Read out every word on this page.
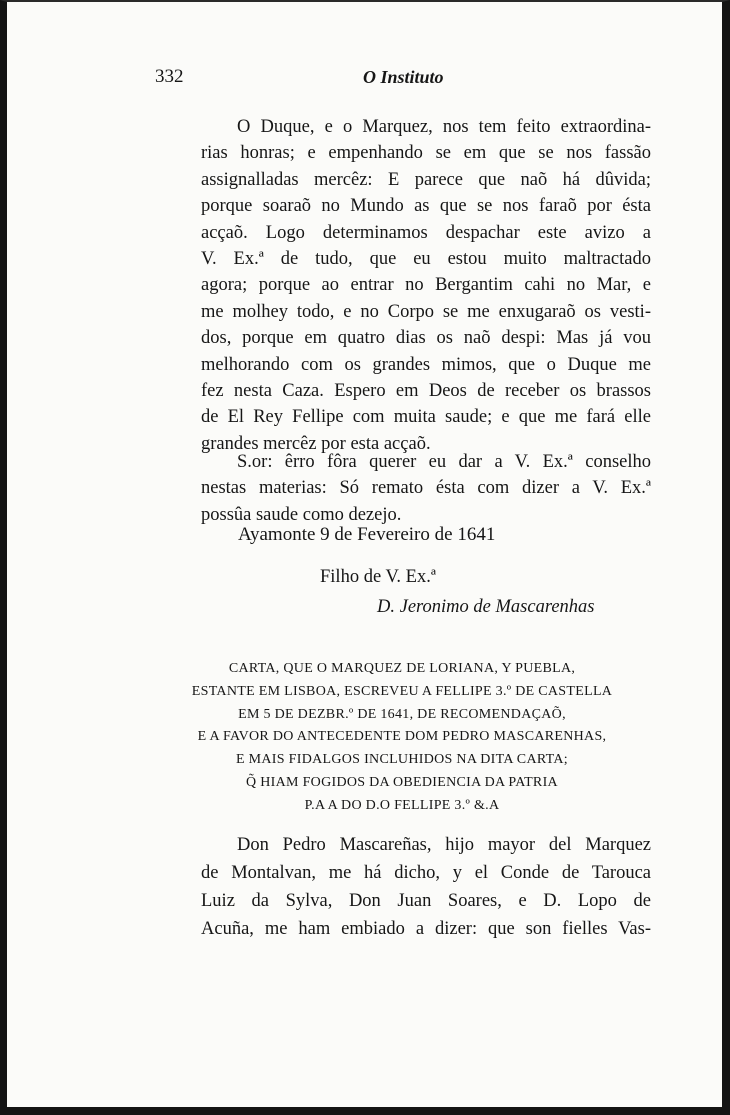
332	O Instituto
O Duque, e o Marquez, nos tem feito extraordina-
rias honras; e empenhando se em que se nos fassão
assignalladas mercêz: E parece que naõ há dûvida;
porque soaraõ no Mundo as que se nos faraõ por ésta
acçaõ. Logo determinamos despachar este avizo a
V. Ex.ª de tudo, que eu estou muito maltractado
agora; porque ao entrar no Bergantim cahi no Mar, e
me molhey todo, e no Corpo se me enxugaraõ os vesti-
dos, porque em quatro dias os naõ despi: Mas já vou
melhorando com os grandes mimos, que o Duque me
fez nesta Caza. Espero em Deos de receber os brassos
de El Rey Fellipe com muita saude; e que me fará elle
grandes mercêz por esta acçaõ.
S.or: êrro fôra querer eu dar a V. Ex.ª conselho
nestas materias: Só remato ésta com dizer a V. Ex.ª
possûa saude como dezejo.
Ayamonte 9 de Fevereiro de 1641
Filho de V. Ex.ª
D. Jeronimo de Mascarenhas
CARTA, QUE O MARQUEZ DE LORIANA, Y PUEBLA,
ESTANTE EM LISBOA, ESCREVEU A FELLIPE 3.º DE CASTELLA
EM 5 DE DEZBR.º DE 1641, DE RECOMENDAÇAÕ,
E A FAVOR DO ANTECEDENTE DOM PEDRO MASCARENHAS,
E MAIS FIDALGOS INCLUHIDOS NA DITA CARTA;
Q̃ HIAM FOGIDOS DA OBEDIENCIA DA PATRIA
P.A A DO D.O FELLIPE 3.º &.A
Don Pedro Mascareñas, hijo mayor del Marquez
de Montalvan, me há dicho, y el Conde de Tarouca
Luiz da Sylva, Don Juan Soares, e D. Lopo de
Acuña, me ham embiado a dizer: que son fielles Vas-
